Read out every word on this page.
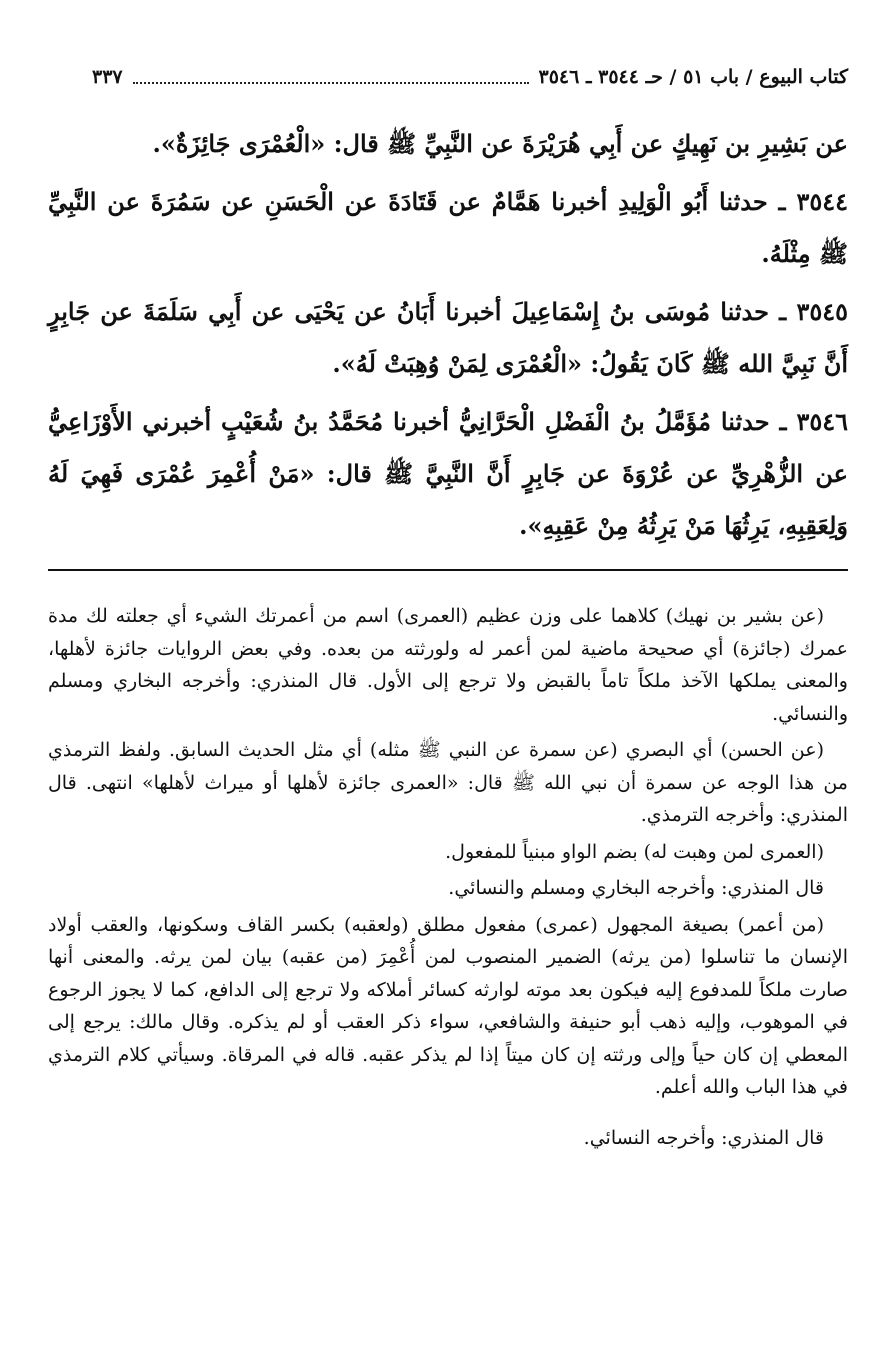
كتاب البيوع / باب ٥١ / حـ ٣٥٤٤ ـ ٣٥٤٦
٣٣٧

عن بَشِيرِ بن نَهِيكٍ عن أَبِي هُرَيْرَةَ عن النَّبِيِّ ﷺ قال: «الْعُمْرَى جَائِزَةٌ».

٣٥٤٤ ـ حدثنا أَبُو الْوَلِيدِ أخبرنا هَمَّامٌ عن قَتَادَةَ عن الْحَسَنِ عن سَمُرَةَ عن النَّبِيِّ ﷺ مِثْلَهُ.

٣٥٤٥ ـ حدثنا مُوسَى بنُ إِسْمَاعِيلَ أخبرنا أَبَانُ عن يَحْيَى عن أَبِي سَلَمَةَ عن جَابِرٍ أَنَّ نَبِيَّ الله ﷺ كَانَ يَقُولُ: «الْعُمْرَى لِمَنْ وُهِبَتْ لَهُ».

٣٥٤٦ ـ حدثنا مُؤَمَّلُ بنُ الْفَضْلِ الْحَرَّانِيُّ أخبرنا مُحَمَّدُ بنُ شُعَيْبٍ أخبرني الأَوْزَاعِيُّ عن الزُّهْرِيِّ عن عُرْوَةَ عن جَابِرٍ أَنَّ النَّبِيَّ ﷺ قال: «مَنْ أُعْمِرَ عُمْرَى فَهِيَ لَهُ وَلِعَقِبِهِ، يَرِثُهَا مَنْ يَرِثُهُ مِنْ عَقِبِهِ».

(عن بشير بن نهيك) كلاهما على وزن عظيم (العمرى) اسم من أعمرتك الشيء أي جعلته لك مدة عمرك (جائزة) أي صحيحة ماضية لمن أعمر له ولورثته من بعده. وفي بعض الروايات جائزة لأهلها، والمعنى يملكها الآخذ ملكاً تاماً بالقبض ولا ترجع إلى الأول. قال المنذري: وأخرجه البخاري ومسلم والنسائي.

(عن الحسن) أي البصري (عن سمرة عن النبي ﷺ مثله) أي مثل الحديث السابق. ولفظ الترمذي من هذا الوجه عن سمرة أن نبي الله ﷺ قال: «العمرى جائزة لأهلها أو ميراث لأهلها» انتهى. قال المنذري: وأخرجه الترمذي.

(العمرى لمن وهبت له) بضم الواو مبنياً للمفعول.

قال المنذري: وأخرجه البخاري ومسلم والنسائي.

(من أعمر) بصيغة المجهول (عمرى) مفعول مطلق (ولعقبه) بكسر القاف وسكونها، والعقب أولاد الإنسان ما تناسلوا (من يرثه) الضمير المنصوب لمن أُعْمِرَ (من عقبه) بيان لمن يرثه. والمعنى أنها صارت ملكاً للمدفوع إليه فيكون بعد موته لوارثه كسائر أملاكه ولا ترجع إلى الدافع، كما لا يجوز الرجوع في الموهوب، وإليه ذهب أبو حنيفة والشافعي، سواء ذكر العقب أو لم يذكره. وقال مالك: يرجع إلى المعطي إن كان حياً وإلى ورثته إن كان ميتاً إذا لم يذكر عقبه. قاله في المرقاة. وسيأتي كلام الترمذي في هذا الباب والله أعلم.

قال المنذري: وأخرجه النسائي.
